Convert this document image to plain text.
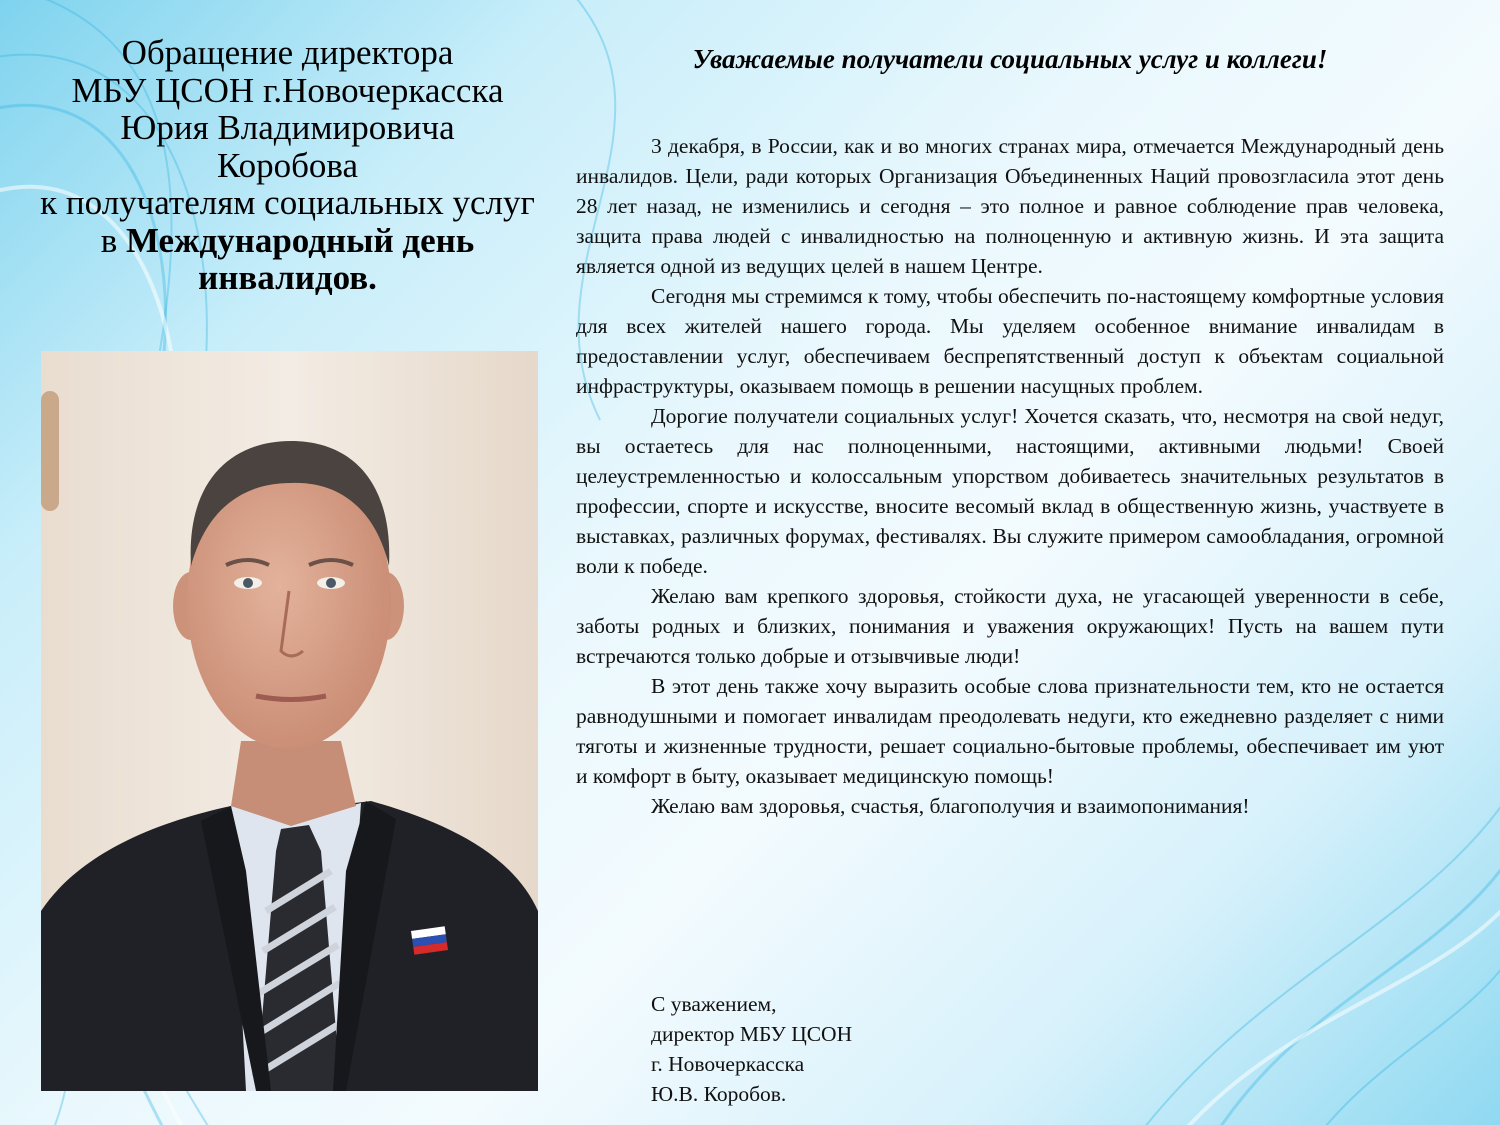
Обращение директора
МБУ ЦСОН г.Новочеркасска
Юрия Владимировича
Коробова
к получателям социальных услуг
в Международный день
инвалидов.
Уважаемые получатели социальных услуг и коллеги!

3 декабря, в России, как и во многих странах мира, отмечается Международный день инвалидов. Цели, ради которых Организация Объединенных Наций провозгласила этот день 28 лет назад, не изменились и сегодня – это полное и равное соблюдение прав человека, защита права людей с инвалидностью на полноценную и активную жизнь. И эта защита является одной из ведущих целей в нашем Центре.

Сегодня мы стремимся к тому, чтобы обеспечить по-настоящему комфортные условия для всех жителей нашего города. Мы уделяем особенное внимание инвалидам в предоставлении услуг, обеспечиваем беспрепятственный доступ к объектам социальной инфраструктуры, оказываем помощь в решении насущных проблем.

Дорогие получатели социальных услуг! Хочется сказать, что, несмотря на свой недуг, вы остаетесь для нас полноценными, настоящими, активными людьми! Своей целеустремленностью и колоссальным упорством добиваетесь значительных результатов в профессии, спорте и искусстве, вносите весомый вклад в общественную жизнь, участвуете в выставках, различных форумах, фестивалях. Вы служите примером самообладания, огромной воли к победе.

Желаю вам крепкого здоровья, стойкости духа, не угасающей уверенности в себе, заботы родных и близких, понимания и уважения окружающих! Пусть на вашем пути встречаются только добрые и отзывчивые люди!

В этот день также хочу выразить особые слова признательности тем, кто не остается равнодушными и помогает инвалидам преодолевать недуги, кто ежедневно разделяет с ними тяготы и жизненные трудности, решает социально-бытовые проблемы, обеспечивает им уют и комфорт в быту, оказывает медицинскую помощь!

Желаю вам здоровья, счастья, благополучия и взаимопонимания!

С уважением,
директор МБУ ЦСОН
г. Новочеркасска
Ю.В. Коробов.
